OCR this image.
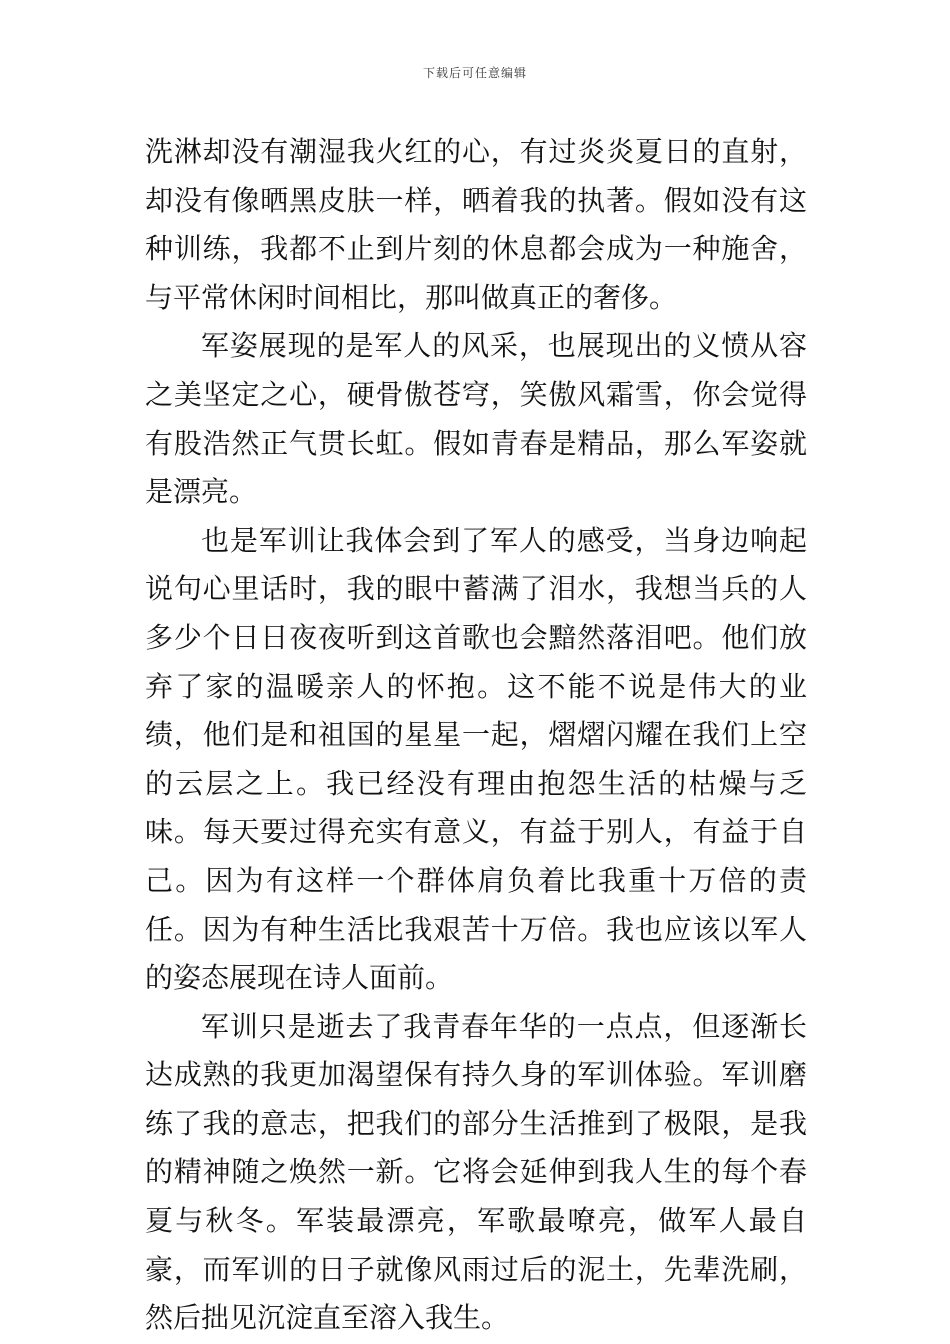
下载后可任意编辑

洗淋却没有潮湿我火红的心，有过炎炎夏日的直射，却没有像晒黑皮肤一样，晒着我的执著。假如没有这种训练，我都不止到片刻的休息都会成为一种施舍，与平常休闲时间相比，那叫做真正的奢侈。

军姿展现的是军人的风采，也展现出的义愤从容之美坚定之心，硬骨傲苍穹，笑傲风霜雪，你会觉得有股浩然正气贯长虹。假如青春是精品，那么军姿就是漂亮。

也是军训让我体会到了军人的感受，当身边响起说句心里话时，我的眼中蓄满了泪水，我想当兵的人多少个日日夜夜听到这首歌也会黯然落泪吧。他们放弃了家的温暖亲人的怀抱。这不能不说是伟大的业绩，他们是和祖国的星星一起，熠熠闪耀在我们上空的云层之上。我已经没有理由抱怨生活的枯燥与乏味。每天要过得充实有意义，有益于别人，有益于自己。因为有这样一个群体肩负着比我重十万倍的责任。因为有种生活比我艰苦十万倍。我也应该以军人的姿态展现在诗人面前。

军训只是逝去了我青春年华的一点点，但逐渐长达成熟的我更加渴望保有持久身的军训体验。军训磨练了我的意志，把我们的部分生活推到了极限，是我的精神随之焕然一新。它将会延伸到我人生的每个春夏与秋冬。军装最漂亮，军歌最嘹亮，做军人最自豪，而军训的日子就像风雨过后的泥土，先辈洗刷，然后拙见沉淀直至溶入我生。
